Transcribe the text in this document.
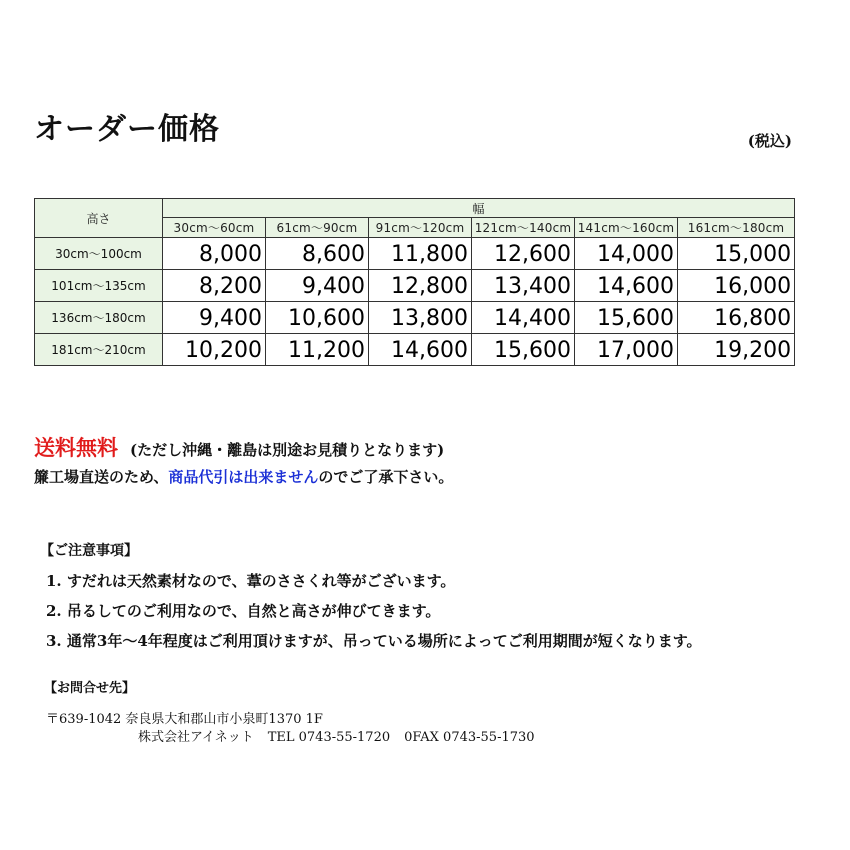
オーダー価格	(税込)
高さ	幅					
	30cm〜60cm	61cm〜90cm	91cm〜120cm	121cm〜140cm	141cm〜160cm	161cm〜180cm
30cm〜100cm	8,000	8,600	11,800	12,600	14,000	15,000
101cm〜135cm	8,200	9,400	12,800	13,400	14,600	16,000
136cm〜180cm	9,400	10,600	13,800	14,400	15,600	16,800
181cm〜210cm	10,200	11,200	14,600	15,600	17,000	19,200
送料無料 (ただし沖縄・離島は別途お見積りとなります)
簾工場直送のため、商品代引は出来ませんのでご了承下さい。
【ご注意事項】
1. すだれは天然素材なので、葦のささくれ等がございます。
2. 吊るしてのご利用なので、自然と高さが伸びてきます。
3. 通常3年〜4年程度はご利用頂けますが、吊っている場所によってご利用期間が短くなります。
【お問合せ先】
〒639-1042 奈良県大和郡山市小泉町1370 1F
株式会社アイネット TEL 0743-55-1720 0FAX 0743-55-1730
